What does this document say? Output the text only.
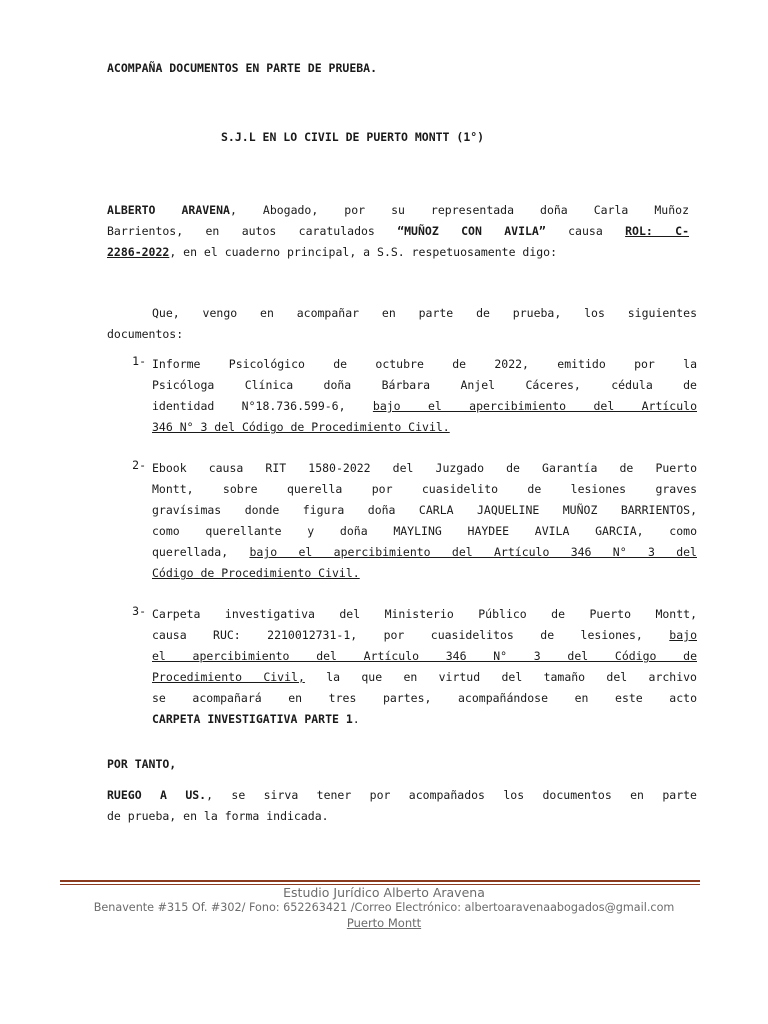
ACOMPAÑA DOCUMENTOS EN PARTE DE PRUEBA.
S.J.L EN LO CIVIL DE PUERTO MONTT (1°)
ALBERTO ARAVENA, Abogado, por su representada doña Carla Muñoz
Barrientos, en autos caratulados “MUÑOZ CON AVILA” causa ROL: C-
2286-2022, en el cuaderno principal, a S.S. respetuosamente digo:
Que, vengo en acompañar en parte de prueba, los siguientes
documentos:
1- Informe Psicológico de octubre de 2022, emitido por la
Psicóloga Clínica doña Bárbara Anjel Cáceres, cédula de
identidad N°18.736.599-6, bajo el apercibimiento del Artículo
346 N° 3 del Código de Procedimiento Civil.
2- Ebook causa RIT 1580-2022 del Juzgado de Garantía de Puerto
Montt, sobre querella por cuasidelito de lesiones graves
gravísimas donde figura doña CARLA JAQUELINE MUÑOZ BARRIENTOS,
como querellante y doña MAYLING HAYDEE AVILA GARCIA, como
querellada, bajo el apercibimiento del Artículo 346 N° 3 del
Código de Procedimiento Civil.
3- Carpeta investigativa del Ministerio Público de Puerto Montt,
causa RUC: 2210012731-1, por cuasidelitos de lesiones, bajo
el apercibimiento del Artículo 346 N° 3 del Código de
Procedimiento Civil, la que en virtud del tamaño del archivo
se acompañará en tres partes, acompañándose en este acto
CARPETA INVESTIGATIVA PARTE 1.
POR TANTO,
RUEGO A US., se sirva tener por acompañados los documentos en parte
de prueba, en la forma indicada.
Estudio Jurídico Alberto Aravena
Benavente #315 Of. #302/ Fono: 652263421 /Correo Electrónico: albertoaravenaabogados@gmail.com
Puerto Montt
